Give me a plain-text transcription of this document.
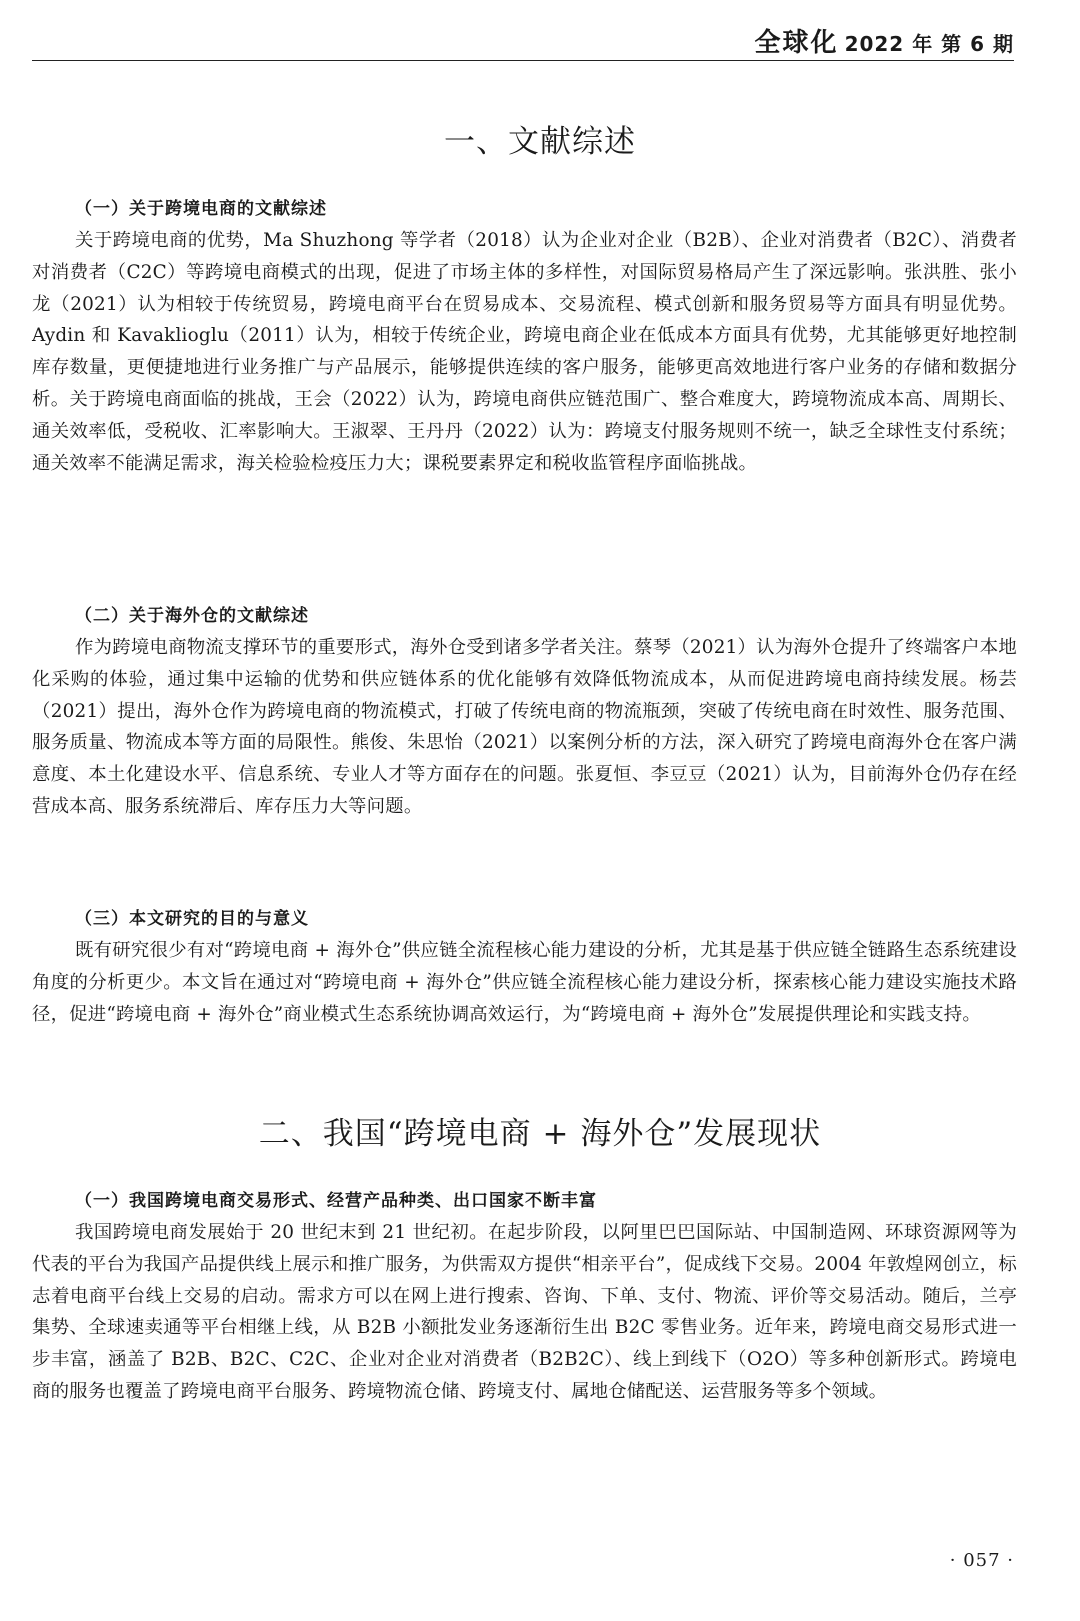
全球化 2022 年 第 6 期
一、文献综述
（一）关于跨境电商的文献综述

关于跨境电商的优势，Ma Shuzhong 等学者（2018）认为企业对企业（B2B）、企业对消费者（B2C）、消费者对消费者（C2C）等跨境电商模式的出现，促进了市场主体的多样性，对国际贸易格局产生了深远影响。张洪胜、张小龙（2021）认为相较于传统贸易，跨境电商平台在贸易成本、交易流程、模式创新和服务贸易等方面具有明显优势。Aydin 和 Kavaklioglu（2011）认为，相较于传统企业，跨境电商企业在低成本方面具有优势，尤其能够更好地控制库存数量，更便捷地进行业务推广与产品展示，能够提供连续的客户服务，能够更高效地进行客户业务的存储和数据分析。关于跨境电商面临的挑战，王会（2022）认为，跨境电商供应链范围广、整合难度大，跨境物流成本高、周期长、通关效率低，受税收、汇率影响大。王淑翠、王丹丹（2022）认为：跨境支付服务规则不统一，缺乏全球性支付系统；通关效率不能满足需求，海关检验检疫压力大；课税要素界定和税收监管程序面临挑战。

（二）关于海外仓的文献综述

作为跨境电商物流支撑环节的重要形式，海外仓受到诸多学者关注。蔡琴（2021）认为海外仓提升了终端客户本地化采购的体验，通过集中运输的优势和供应链体系的优化能够有效降低物流成本，从而促进跨境电商持续发展。杨芸（2021）提出，海外仓作为跨境电商的物流模式，打破了传统电商的物流瓶颈，突破了传统电商在时效性、服务范围、服务质量、物流成本等方面的局限性。熊俊、朱思怡（2021）以案例分析的方法，深入研究了跨境电商海外仓在客户满意度、本土化建设水平、信息系统、专业人才等方面存在的问题。张夏恒、李豆豆（2021）认为，目前海外仓仍存在经营成本高、服务系统滞后、库存压力大等问题。

（三）本文研究的目的与意义

既有研究很少有对“跨境电商 + 海外仓”供应链全流程核心能力建设的分析，尤其是基于供应链全链路生态系统建设角度的分析更少。本文旨在通过对“跨境电商 + 海外仓”供应链全流程核心能力建设分析，探索核心能力建设实施技术路径，促进“跨境电商 + 海外仓”商业模式生态系统协调高效运行，为“跨境电商 + 海外仓”发展提供理论和实践支持。

二、我国“跨境电商 + 海外仓”发展现状
（一）我国跨境电商交易形式、经营产品种类、出口国家不断丰富

我国跨境电商发展始于 20 世纪末到 21 世纪初。在起步阶段，以阿里巴巴国际站、中国制造网、环球资源网等为代表的平台为我国产品提供线上展示和推广服务，为供需双方提供“相亲平台”，促成线下交易。2004 年敦煌网创立，标志着电商平台线上交易的启动。需求方可以在网上进行搜索、咨询、下单、支付、物流、评价等交易活动。随后，兰亭集势、全球速卖通等平台相继上线，从 B2B 小额批发业务逐渐衍生出 B2C 零售业务。近年来，跨境电商交易形式进一步丰富，涵盖了 B2B、B2C、C2C、企业对企业对消费者（B2B2C）、线上到线下（O2O）等多种创新形式。跨境电商的服务也覆盖了跨境电商平台服务、跨境物流仓储、跨境支付、属地仓储配送、运营服务等多个领域。

· 057 ·
